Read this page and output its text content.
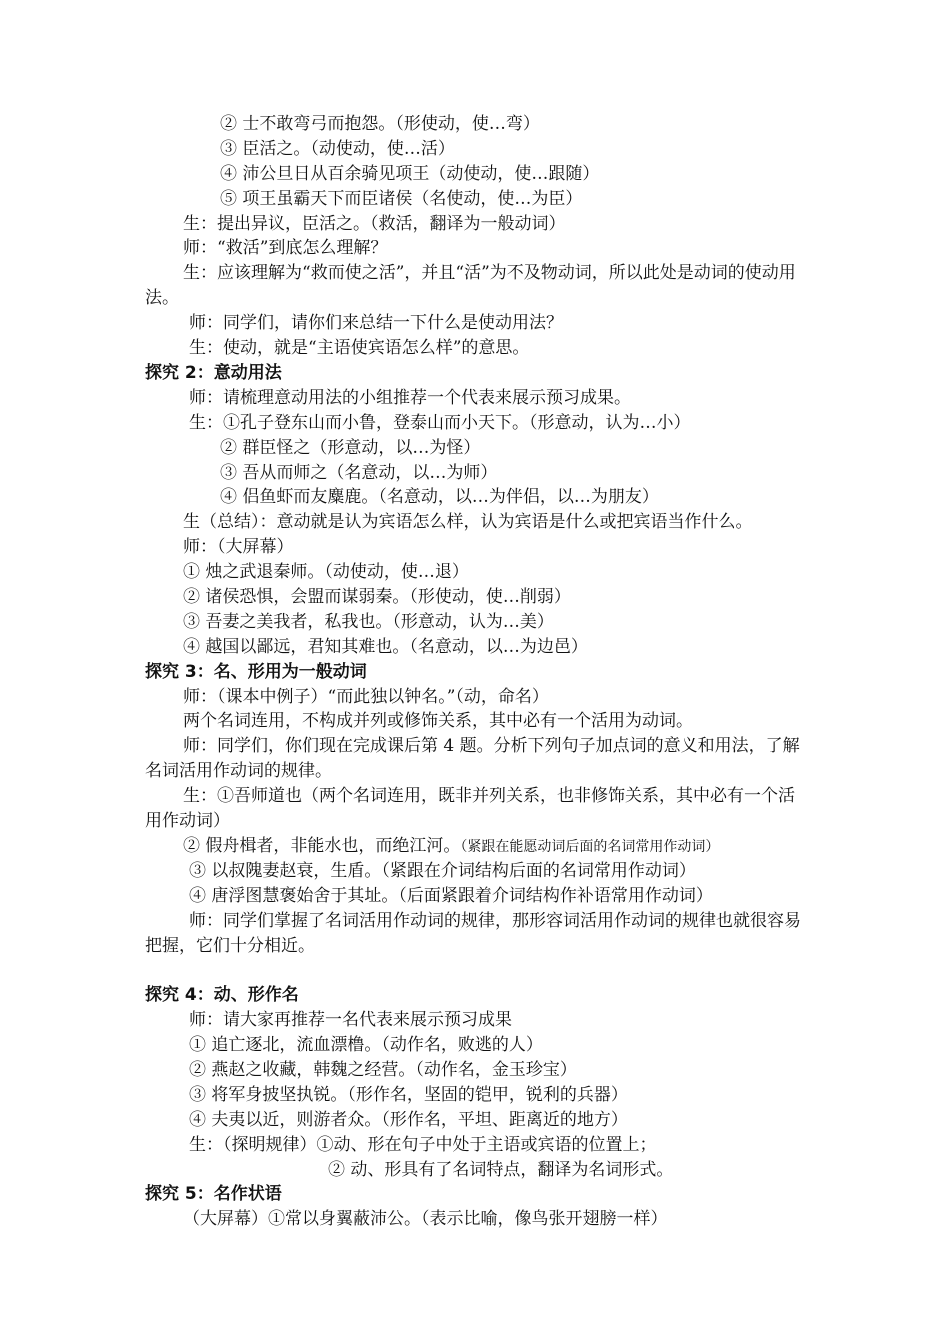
② 士不敢弯弓而抱怨。（形使动，使…弯）
③ 臣活之。（动使动，使…活）
④ 沛公旦日从百余骑见项王（动使动，使…跟随）
⑤ 项王虽霸天下而臣诸侯（名使动，使…为臣）
生：提出异议，臣活之。（救活，翻译为一般动词）
师：“救活”到底怎么理解？
生：应该理解为“救而使之活”，并且“活”为不及物动词，所以此处是动词的使动用法。
师：同学们，请你们来总结一下什么是使动用法？
生：使动，就是“主语使宾语怎么样”的意思。
探究 2：意动用法
师：请梳理意动用法的小组推荐一个代表来展示预习成果。
生：①孔子登东山而小鲁，登泰山而小天下。（形意动，认为…小）
② 群臣怪之（形意动，以…为怪）
③ 吾从而师之（名意动，以…为师）
④ 侣鱼虾而友麋鹿。（名意动，以…为伴侣，以…为朋友）
生（总结）：意动就是认为宾语怎么样，认为宾语是什么或把宾语当作什么。
师：（大屏幕）
① 烛之武退秦师。（动使动，使…退）
② 诸侯恐惧，会盟而谋弱秦。（形使动，使…削弱）
③ 吾妻之美我者，私我也。（形意动，认为…美）
④ 越国以鄙远，君知其难也。（名意动，以…为边邑）
探究 3：名、形用为一般动词
师：（课本中例子）“而此独以钟名。”（动，命名）
两个名词连用，不构成并列或修饰关系，其中必有一个活用为动词。
师：同学们，你们现在完成课后第 4 题。分析下列句子加点词的意义和用法，了解名词活用作动词的规律。
生：①吾师道也（两个名词连用，既非并列关系，也非修饰关系，其中必有一个活用作动词）
② 假舟楫者，非能水也，而绝江河。（紧跟在能愿动词后面的名词常用作动词）
③ 以叔隗妻赵衰，生盾。（紧跟在介词结构后面的名词常用作动词）
④ 唐浮图慧褒始舍于其址。（后面紧跟着介词结构作补语常用作动词）
师：同学们掌握了名词活用作动词的规律，那形容词活用作动词的规律也就很容易把握，它们十分相近。
探究 4：动、形作名
师：请大家再推荐一名代表来展示预习成果
① 追亡逐北，流血漂橹。（动作名，败逃的人）
② 燕赵之收藏，韩魏之经营。（动作名，金玉珍宝）
③ 将军身披坚执锐。（形作名，坚固的铠甲，锐利的兵器）
④ 夫夷以近，则游者众。（形作名，平坦、距离近的地方）
生：（探明规律）①动、形在句子中处于主语或宾语的位置上；
② 动、形具有了名词特点，翻译为名词形式。
探究 5：名作状语
（大屏幕）①常以身翼蔽沛公。（表示比喻，像鸟张开翅膀一样）
